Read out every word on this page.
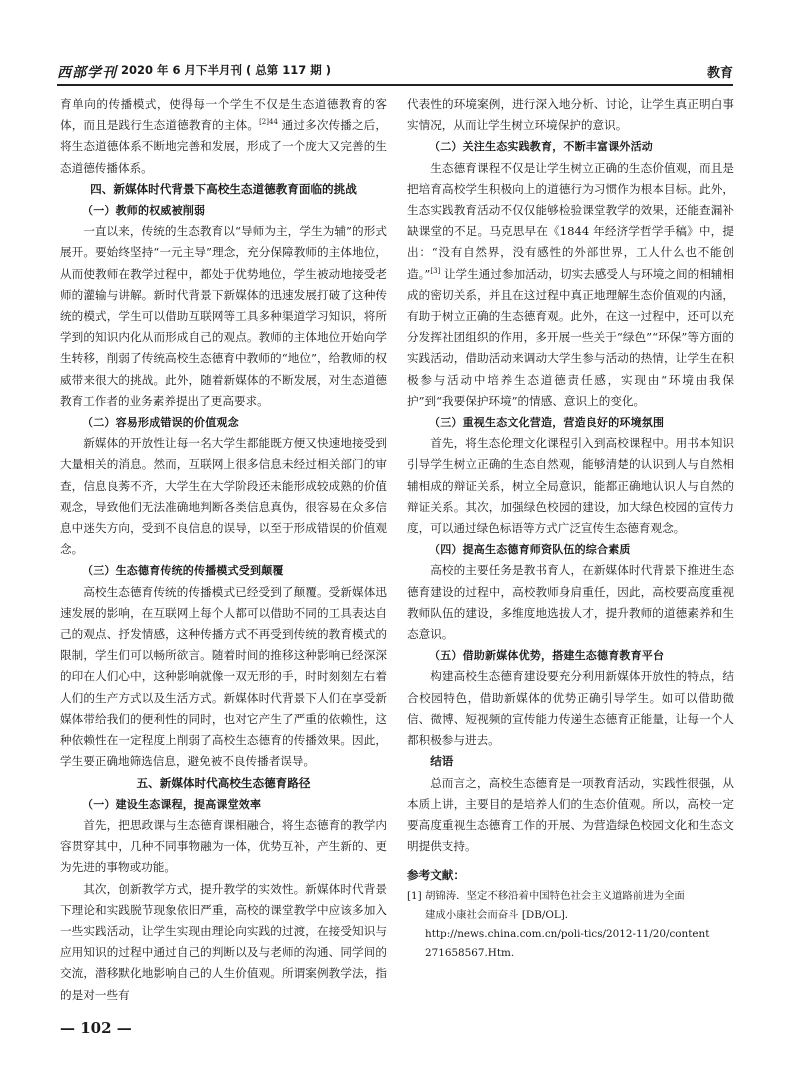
西部学刊 2020 年 6 月下半月刊 ( 总第 117 期 )	教育

育单向的传播模式，使得每一个学生不仅是生态道德教育的客体，而且是践行生态道德教育的主体。$^{[2]44}$ 通过多次传播之后，将生态道德体系不断地完善和发展，形成了一个庞大又完善的生态道德传播体系。

四、新媒体时代背景下高校生态道德教育面临的挑战
（一）教师的权威被削弱

一直以来，传统的生态教育以“导师为主，学生为辅”的形式展开。要始终坚持“一元主导”理念，充分保障教师的主体地位，从而使教师在教学过程中，都处于优势地位，学生被动地接受老师的灌输与讲解。新时代背景下新媒体的迅速发展打破了这种传统的模式，学生可以借助互联网等工具多种渠道学习知识，将所学到的知识内化从而形成自己的观点。教师的主体地位开始向学生转移，削弱了传统高校生态德育中教师的“地位”，给教师的权威带来很大的挑战。此外，随着新媒体的不断发展，对生态道德教育工作者的业务素养提出了更高要求。

（二）容易形成错误的价值观念

新媒体的开放性让每一名大学生都能既方便又快速地接受到大量相关的消息。然而，互联网上很多信息未经过相关部门的审查，信息良莠不齐，大学生在大学阶段还未能形成较成熟的价值观念，导致他们无法准确地判断各类信息真伪，很容易在众多信息中迷失方向，受到不良信息的误导，以至于形成错误的价值观念。

（三）生态德育传统的传播模式受到颠覆

高校生态德育传统的传播模式已经受到了颠覆。受新媒体迅速发展的影响，在互联网上每个人都可以借助不同的工具表达自己的观点、抒发情感，这种传播方式不再受到传统的教育模式的限制，学生们可以畅所欲言。随着时间的推移这种影响已经深深的印在人们心中，这种影响就像一双无形的手，时时刻刻左右着人们的生产方式以及生活方式。新媒体时代背景下人们在享受新媒体带给我们的便利性的同时，也对它产生了严重的依赖性，这种依赖性在一定程度上削弱了高校生态德育的传播效果。因此，学生要正确地筛选信息，避免被不良传播者误导。

五、新媒体时代高校生态德育路径
（一）建设生态课程，提高课堂效率

首先，把思政课与生态德育课相融合，将生态德育的教学内容贯穿其中，几种不同事物融为一体，优势互补，产生新的、更为先进的事物或功能。

其次，创新教学方式，提升教学的实效性。新媒体时代背景下理论和实践脱节现象依旧严重，高校的课堂教学中应该多加入一些实践活动，让学生实现由理论向实践的过渡，在接受知识与应用知识的过程中通过自己的判断以及与老师的沟通、同学间的交流，潜移默化地影响自己的人生价值观。所谓案例教学法，指的是对一些有

代表性的环境案例，进行深入地分析、讨论，让学生真正明白事实情况，从而让学生树立环境保护的意识。

（二）关注生态实践教育，不断丰富课外活动

生态德育课程不仅是让学生树立正确的生态价值观，而且是把培育高校学生积极向上的道德行为习惯作为根本目标。此外，生态实践教育活动不仅仅能够检验课堂教学的效果，还能查漏补缺课堂的不足。马克思早在《1844 年经济学哲学手稿》中，提出：“没有自然界，没有感性的外部世界，工人什么也不能创造。”[3] 让学生通过参加活动，切实去感受人与环境之间的相辅相成的密切关系，并且在这过程中真正地理解生态价值观的内涵，有助于树立正确的生态德育观。此外，在这一过程中，还可以充分发挥社团组织的作用，多开展一些关于“绿色”“环保”等方面的实践活动，借助活动来调动大学生参与活动的热情，让学生在积极参与活动中培养生态道德责任感，实现由“环境由我保护”到“我要保护环境”的情感、意识上的变化。

（三）重视生态文化营造，营造良好的环境氛围

首先，将生态伦理文化课程引入到高校课程中。用书本知识引导学生树立正确的生态自然观，能够清楚的认识到人与自然相辅相成的辩证关系，树立全局意识，能都正确地认识人与自然的辩证关系。其次，加强绿色校园的建设，加大绿色校园的宣传力度，可以通过绿色标语等方式广泛宣传生态德育观念。

（四）提高生态德育师资队伍的综合素质

高校的主要任务是教书育人，在新媒体时代背景下推进生态德育建设的过程中，高校教师身肩重任，因此，高校要高度重视教师队伍的建设，多维度地选拔人才，提升教师的道德素养和生态意识。

（五）借助新媒体优势，搭建生态德育教育平台

构建高校生态德育建设要充分利用新媒体开放性的特点，结合校园特色，借助新媒体的优势正确引导学生。如可以借助微信、微博、短视频的宣传能力传递生态德育正能量，让每一个人都积极参与进去。

结语

总而言之，高校生态德育是一项教育活动，实践性很强，从本质上讲，主要目的是培养人们的生态价值观。所以，高校一定要高度重视生态德育工作的开展、为营造绿色校园文化和生态文明提供支持。

参考文献：

[1] 胡锦涛．坚定不移沿着中国特色社会主义道路前进为全面
建成小康社会而奋斗 [DB/OL].
http://news.china.com.cn/poli-tics/2012-11/20/content
271658567.Htm.
— 102 —
